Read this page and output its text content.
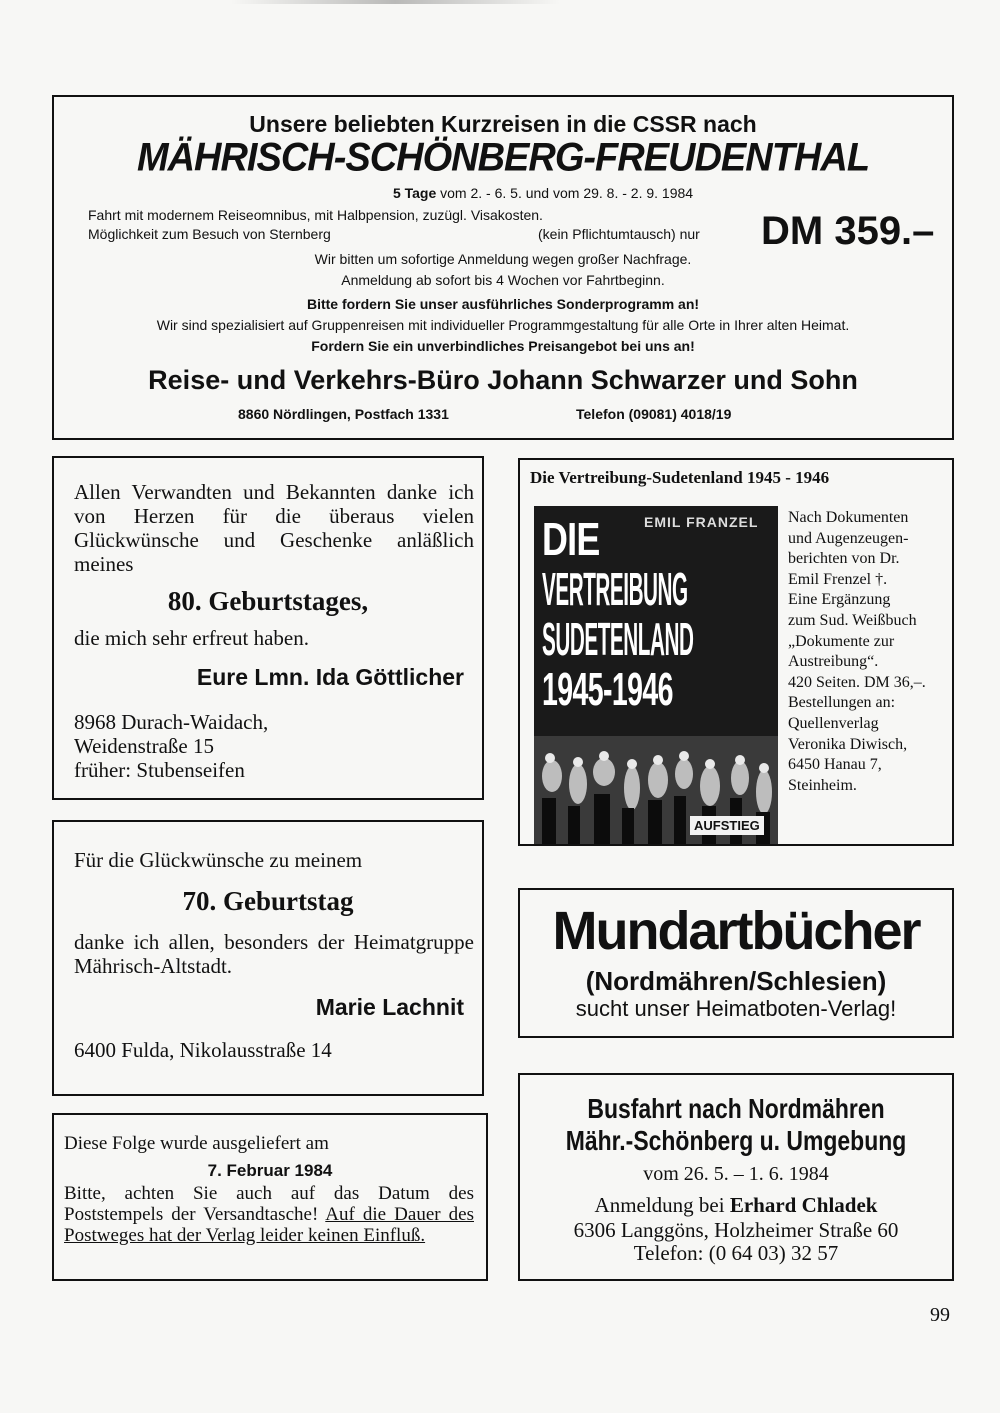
Unsere beliebten Kurzreisen in die CSSR nach
MÄHRISCH-SCHÖNBERG-FREUDENTHAL
5 Tage vom 2. - 6. 5. und vom 29. 8. - 2. 9. 1984
Fahrt mit modernem Reiseomnibus, mit Halbpension, zuzügl. Visakosten.
Möglichkeit zum Besuch von Sternberg	(kein Pflichtumtausch) nur DM 359.–
Wir bitten um sofortige Anmeldung wegen großer Nachfrage.
Anmeldung ab sofort bis 4 Wochen vor Fahrtbeginn.
Bitte fordern Sie unser ausführliches Sonderprogramm an!
Wir sind spezialisiert auf Gruppenreisen mit individueller Programmgestaltung für alle Orte in Ihrer alten Heimat.
Fordern Sie ein unverbindliches Preisangebot bei uns an!
Reise- und Verkehrs-Büro Johann Schwarzer und Sohn
8860 Nördlingen, Postfach 1331	Telefon (09081) 4018/19
Allen Verwandten und Bekannten danke ich von Herzen für die überaus vielen Glückwünsche und Geschenke anläßlich meines
80. Geburtstages,
die mich sehr erfreut haben.
Eure Lmn. Ida Göttlicher
8968 Durach-Waidach,
Weidenstraße 15
früher: Stubenseifen
Die Vertreibung-Sudetenland 1945 - 1946
EMIL FRANZEL
DIE
VERTREIBUNG
SUDETENLAND
1945-1946
AUFSTIEG
Nach Dokumenten
und Augenzeugen-
berichten von Dr.
Emil Frenzel †.
Eine Ergänzung
zum Sud. Weißbuch
„Dokumente zur
Austreibung“.
420 Seiten. DM 36,–.
Bestellungen an:
Quellenverlag
Veronika Diwisch,
6450 Hanau 7,
Steinheim.
Für die Glückwünsche zu meinem
70. Geburtstag
danke ich allen, besonders der Heimatgruppe Mährisch-Altstadt.
Marie Lachnit
6400 Fulda, Nikolausstraße 14
Mundartbücher
(Nordmähren/Schlesien)
sucht unser Heimatboten-Verlag!
Diese Folge wurde ausgeliefert am
7. Februar 1984
Bitte, achten Sie auch auf das Datum des Poststempels der Versandtasche! Auf die Dauer des Postweges hat der Verlag leider keinen Einfluß.
Busfahrt nach Nordmähren
Mähr.-Schönberg u. Umgebung
vom 26. 5. – 1. 6. 1984
Anmeldung bei Erhard Chladek
6306 Langgöns, Holzheimer Straße 60
Telefon: (0 64 03) 32 57
99
